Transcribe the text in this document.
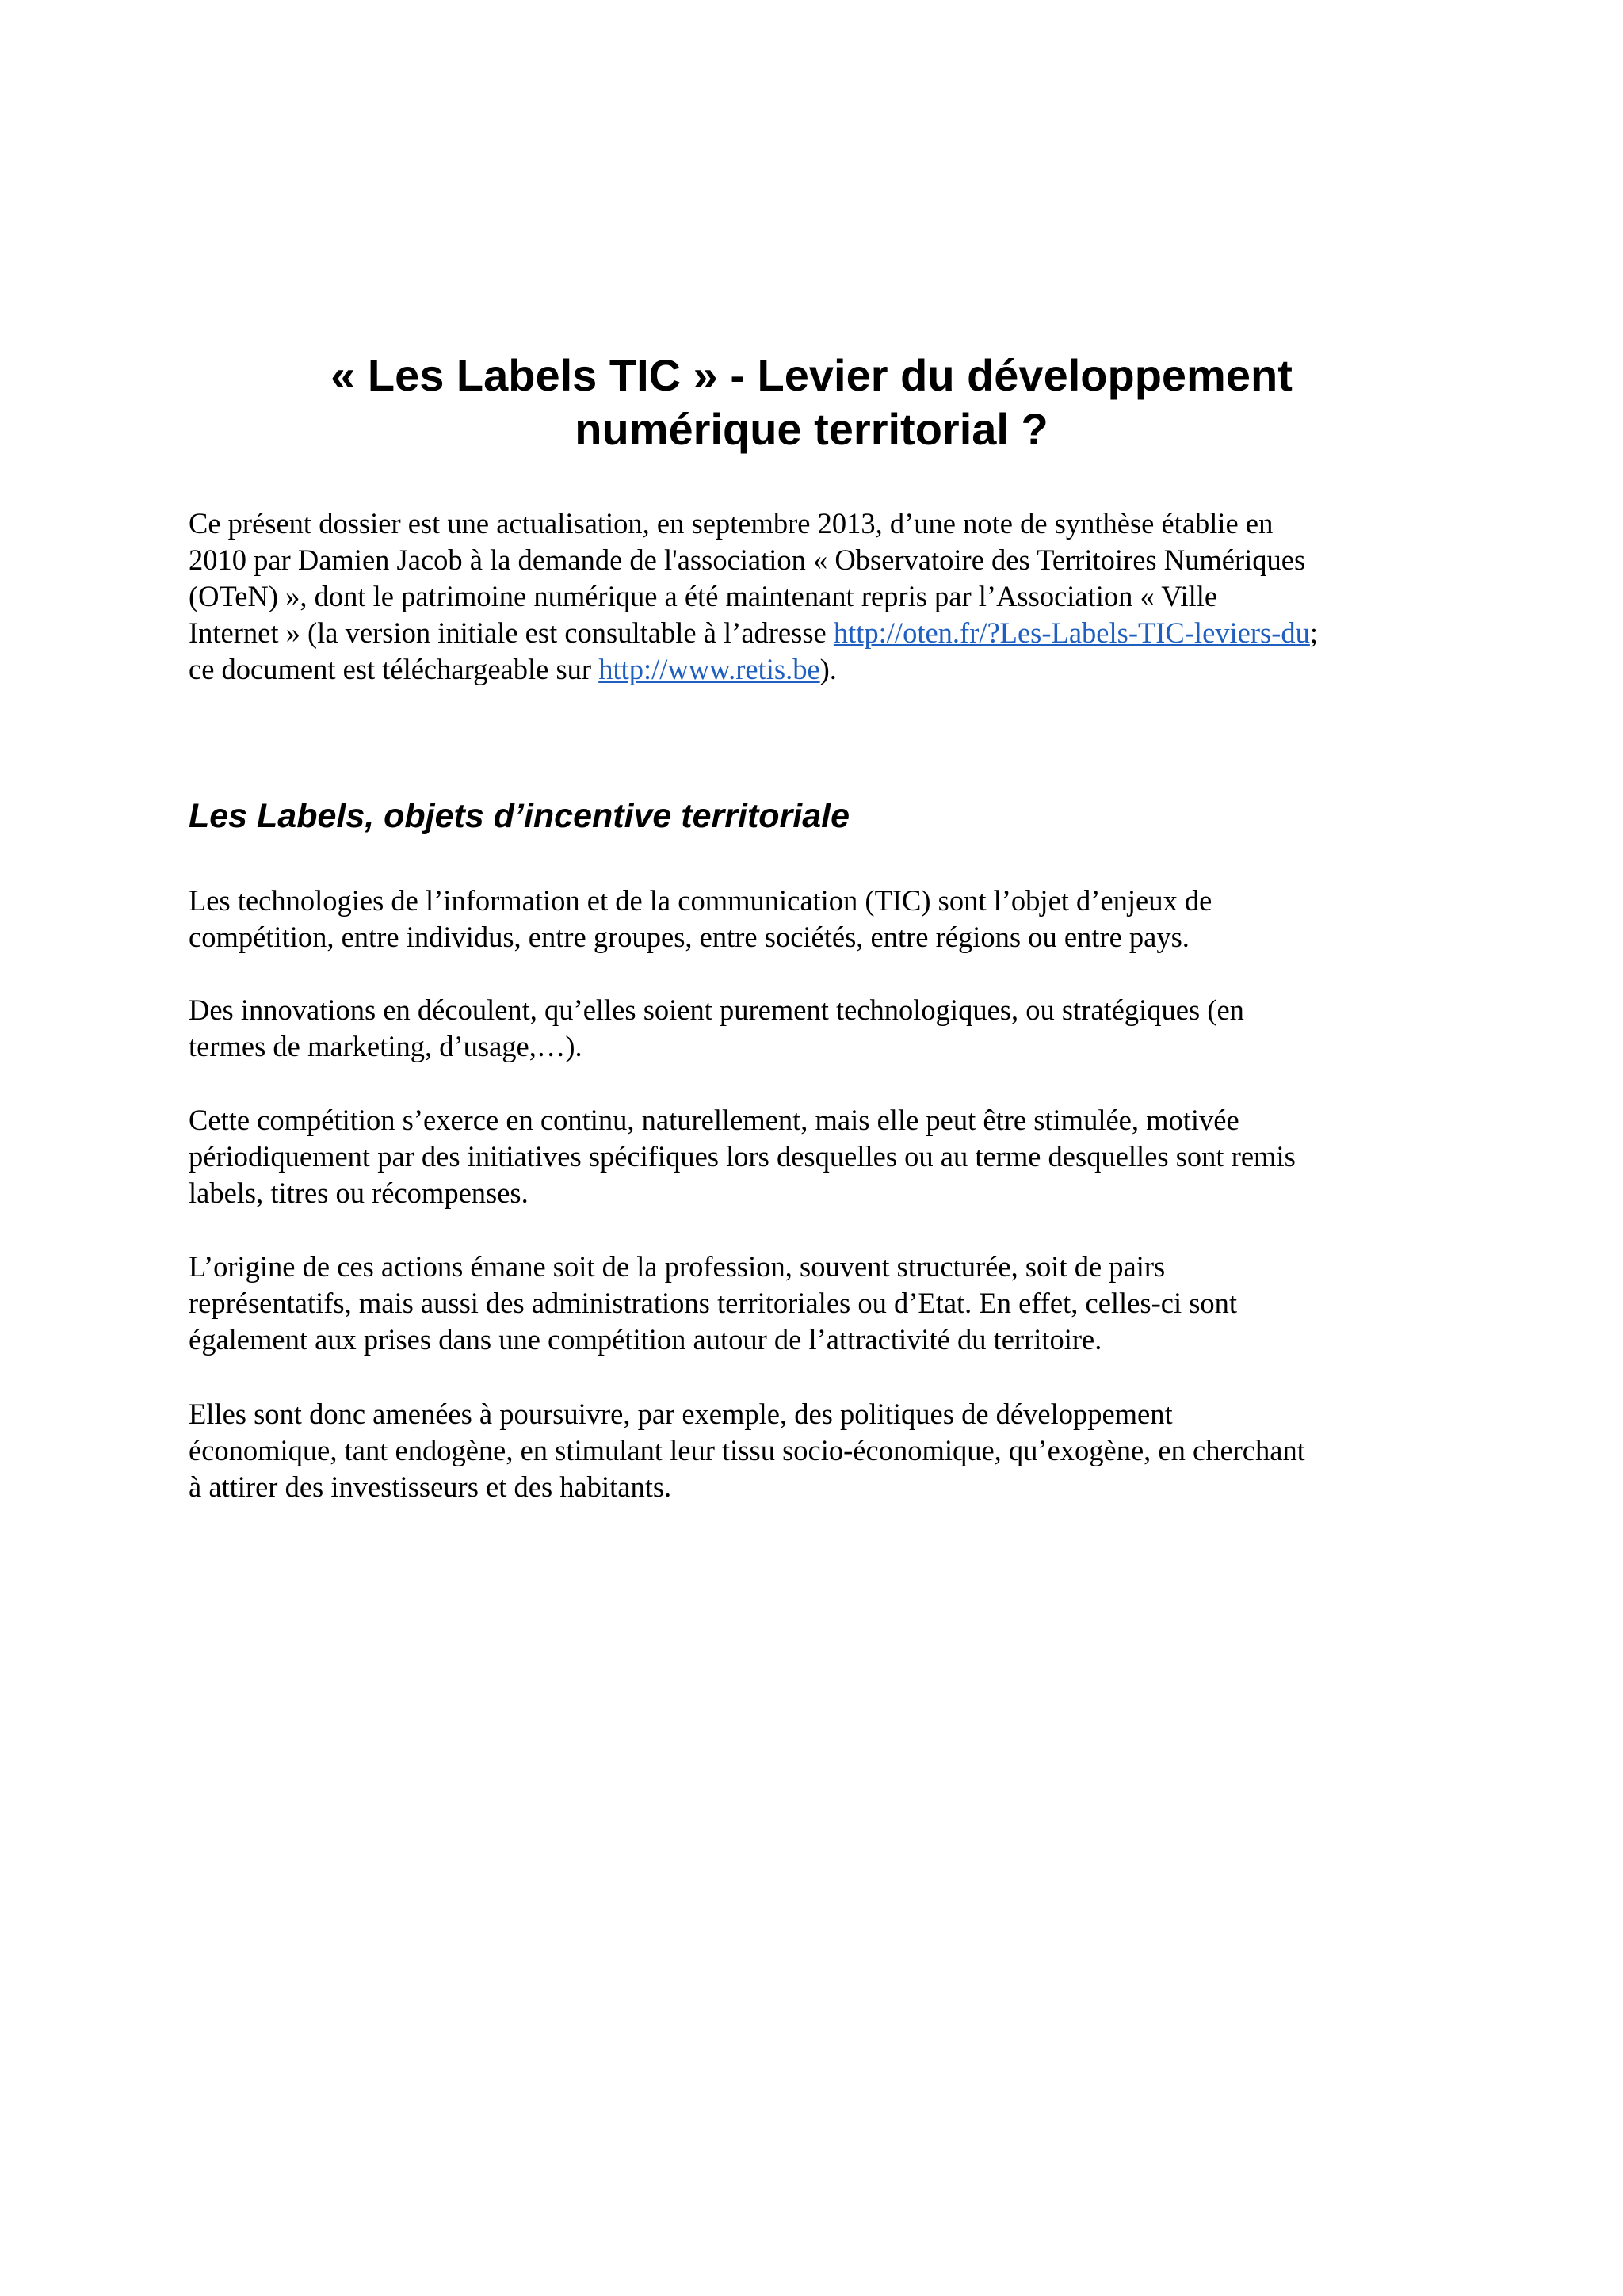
« Les Labels TIC » - Levier du développement
numérique territorial ?

Ce présent dossier est une actualisation, en septembre 2013, d’une note de synthèse établie en
2010 par Damien Jacob à la demande de l'association « Observatoire des Territoires Numériques
(OTeN) », dont le patrimoine numérique a été maintenant repris par l’Association « Ville
Internet » (la version initiale est consultable à l’adresse http://oten.fr/?Les-Labels-TIC-leviers-du;
ce document est téléchargeable sur http://www.retis.be).

Les Labels, objets d’incentive territoriale

Les technologies de l’information et de la communication (TIC) sont l’objet d’enjeux de
compétition, entre individus, entre groupes, entre sociétés, entre régions ou entre pays.

Des innovations en découlent, qu’elles soient purement technologiques, ou stratégiques (en
termes de marketing, d’usage,…).

Cette compétition s’exerce en continu, naturellement, mais elle peut être stimulée, motivée
périodiquement par des initiatives spécifiques lors desquelles ou au terme desquelles sont remis
labels, titres ou récompenses.

L’origine de ces actions émane soit de la profession, souvent structurée, soit de pairs
représentatifs, mais aussi des administrations territoriales ou d’Etat. En effet, celles-ci sont
également aux prises dans une compétition autour de l’attractivité du territoire.

Elles sont donc amenées à poursuivre, par exemple, des politiques de développement
économique, tant endogène, en stimulant leur tissu socio-économique, qu’exogène, en cherchant
à attirer des investisseurs et des habitants.
